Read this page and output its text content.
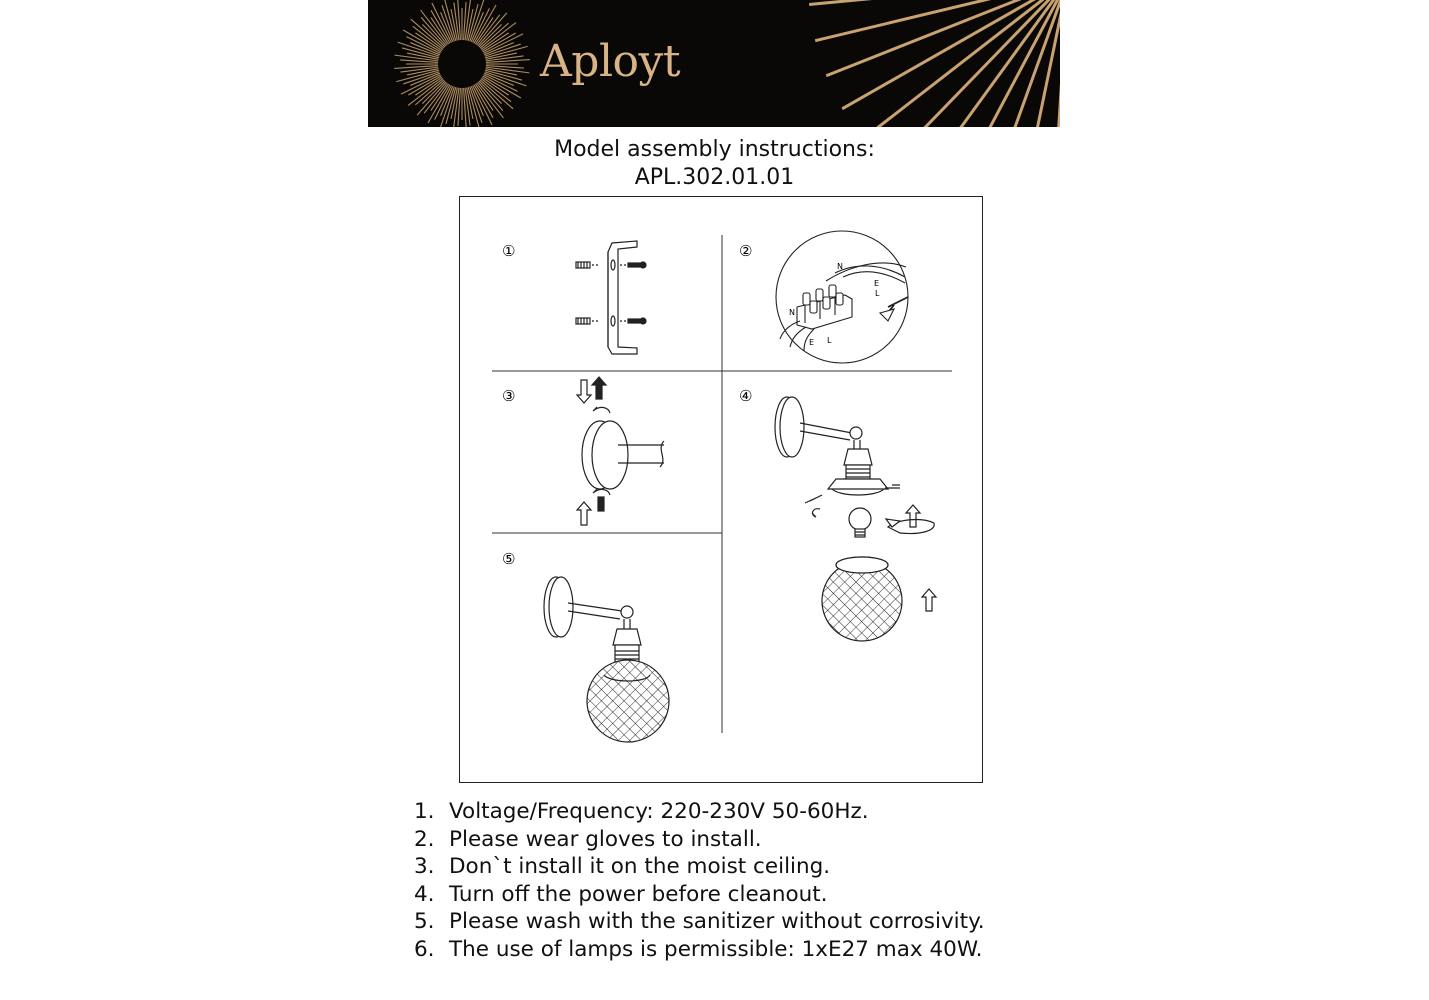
Aployt
Model assembly instructions:
APL.302.01.01
①	②
③	④
⑤
N
E
L
N
E L
1. Voltage/Frequency: 220-230V 50-60Hz.
2. Please wear gloves to install.
3. Don`t install it on the moist ceiling.
4. Turn off the power before cleanout.
5. Please wash with the sanitizer without corrosivity.
6. The use of lamps is permissible: 1xE27 max 40W.
